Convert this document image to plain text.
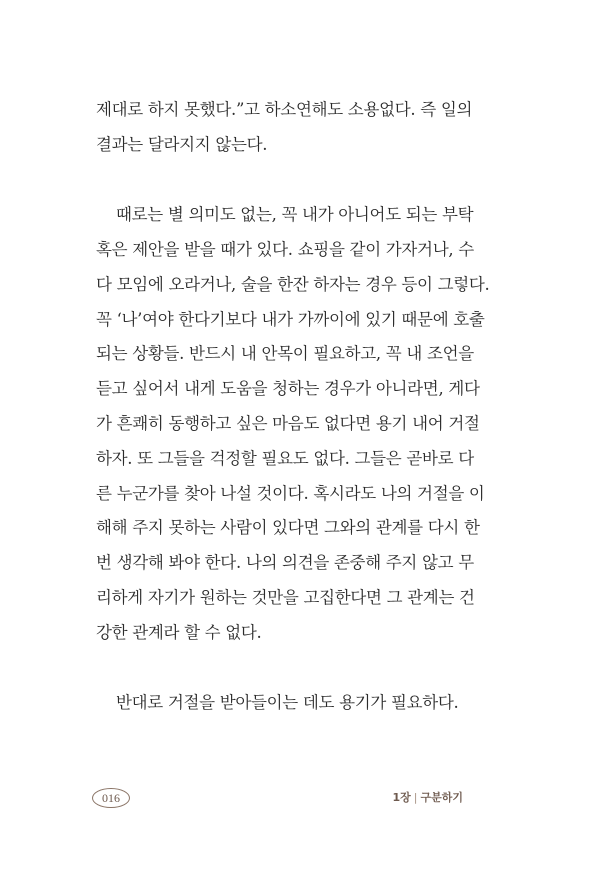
제대로 하지 못했다.”고 하소연해도 소용없다. 즉 일의
결과는 달라지지 않는다.
때로는 별 의미도 없는, 꼭 내가 아니어도 되는 부탁
혹은 제안을 받을 때가 있다. 쇼핑을 같이 가자거나, 수
다 모임에 오라거나, 술을 한잔 하자는 경우 등이 그렇다.
꼭 ‘나’여야 한다기보다 내가 가까이에 있기 때문에 호출
되는 상황들. 반드시 내 안목이 필요하고, 꼭 내 조언을
듣고 싶어서 내게 도움을 청하는 경우가 아니라면, 게다
가 흔쾌히 동행하고 싶은 마음도 없다면 용기 내어 거절
하자. 또 그들을 걱정할 필요도 없다. 그들은 곧바로 다
른 누군가를 찾아 나설 것이다. 혹시라도 나의 거절을 이
해해 주지 못하는 사람이 있다면 그와의 관계를 다시 한
번 생각해 봐야 한다. 나의 의견을 존중해 주지 않고 무
리하게 자기가 원하는 것만을 고집한다면 그 관계는 건
강한 관계라 할 수 없다.
반대로 거절을 받아들이는 데도 용기가 필요하다.
016	1장 | 구분하기
